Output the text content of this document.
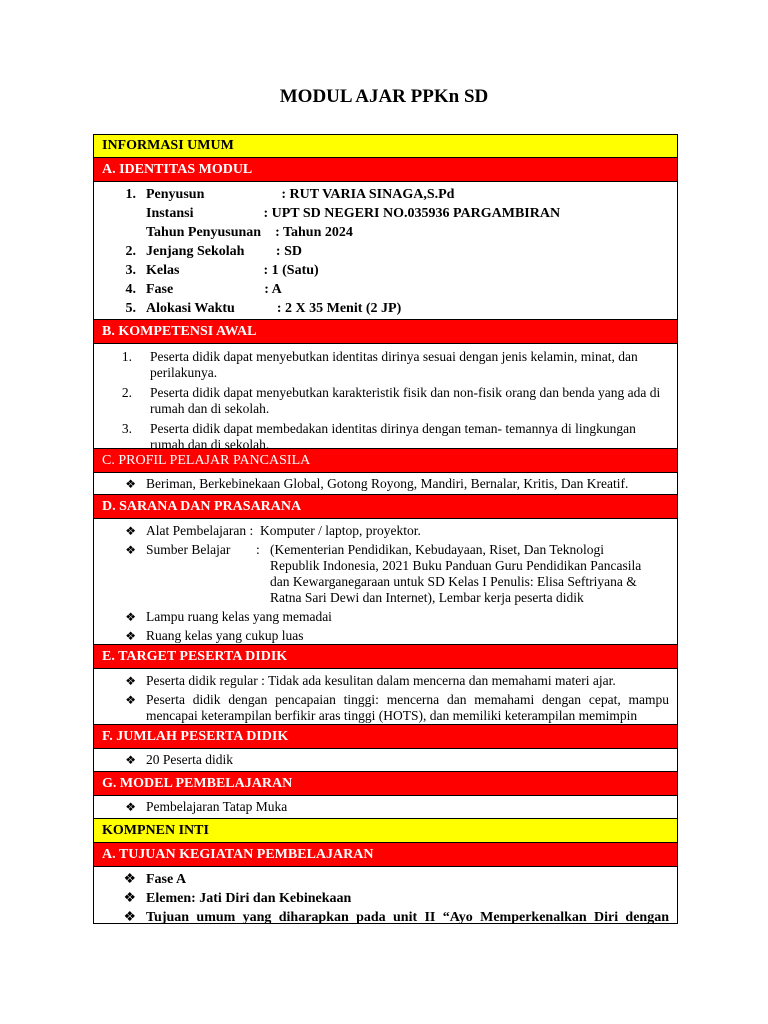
MODUL AJAR PPKn SD
INFORMASI UMUM
A. IDENTITAS MODUL
1. Penyusun : RUT VARIA SINAGA,S.Pd
Instansi : UPT SD NEGERI NO.035936 PARGAMBIRAN
Tahun Penyusunan : Tahun 2024
2. Jenjang Sekolah : SD
3. Kelas : 1 (Satu)
4. Fase : A
5. Alokasi Waktu : 2 X 35 Menit (2 JP)
B. KOMPETENSI AWAL
1.	Peserta didik dapat menyebutkan identitas dirinya sesuai dengan jenis kelamin, minat, dan perilakunya.
2.	Peserta didik dapat menyebutkan karakteristik fisik dan non-fisik orang dan benda yang ada di rumah dan di sekolah.
3.	Peserta didik dapat membedakan identitas dirinya dengan teman- temannya di lingkungan rumah dan di sekolah.
C. PROFIL PELAJAR PANCASILA
❖ Beriman, Berkebinekaan Global, Gotong Royong, Mandiri, Bernalar, Kritis, Dan Kreatif.
D. SARANA DAN PRASARANA
❖ Alat Pembelajaran : Komputer / laptop, proyektor.
❖ Sumber Belajar	: (Kementerian Pendidikan, Kebudayaan, Riset, Dan Teknologi Republik Indonesia, 2021 Buku Panduan Guru Pendidikan Pancasila dan Kewarganegaraan untuk SD Kelas I Penulis: Elisa Seftriyana & Ratna Sari Dewi dan Internet), Lembar kerja peserta didik
❖ Lampu ruang kelas yang memadai
❖ Ruang kelas yang cukup luas
E. TARGET PESERTA DIDIK
❖ Peserta didik regular : Tidak ada kesulitan dalam mencerna dan memahami materi ajar.
❖ Peserta didik dengan pencapaian tinggi: mencerna dan memahami dengan cepat, mampu mencapai keterampilan berfikir aras tinggi (HOTS), dan memiliki keterampilan memimpin
F. JUMLAH PESERTA DIDIK
❖ 20 Peserta didik
G. MODEL PEMBELAJARAN
❖ Pembelajaran Tatap Muka
KOMPNEN INTI
A. TUJUAN KEGIATAN PEMBELAJARAN
❖ Fase A
❖ Elemen: Jati Diri dan Kebinekaan
❖ Tujuan umum yang diharapkan pada unit II “Ayo Memperkenalkan Diri dengan
